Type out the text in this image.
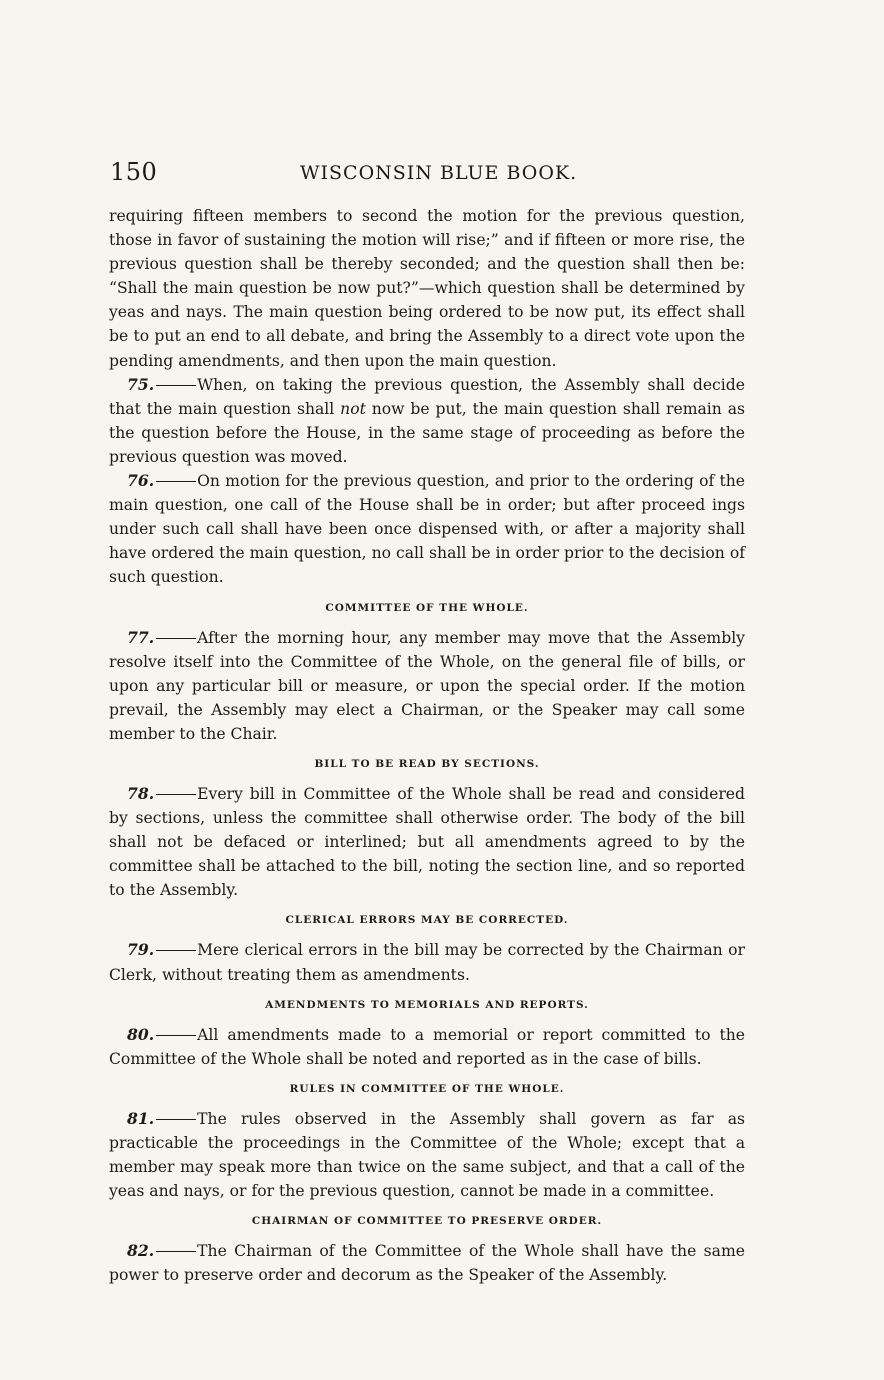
150	WISCONSIN BLUE BOOK.

requiring fifteen members to second the motion for the previous question, those in favor of sustaining the motion will rise;” and if fifteen or more rise, the previous question shall be thereby seconded; and the question shall then be: “Shall the main question be now put?”—which question shall be determined by yeas and nays. The main question being ordered to be now put, its effect shall be to put an end to all debate, and bring the Assembly to a direct vote upon the pending amendments, and then upon the main question.

75.	When, on taking the previous question, the Assembly shall decide that the main question shall not now be put, the main question shall remain as the question before the House, in the same stage of proceeding as before the previous question was moved.

76.	On motion for the previous question, and prior to the ordering of the main question, one call of the House shall be in order; but after proceed ings under such call shall have been once dispensed with, or after a majority shall have ordered the main question, no call shall be in order prior to the decision of such question.

COMMITTEE OF THE WHOLE.

77.	After the morning hour, any member may move that the Assembly resolve itself into the Committee of the Whole, on the general file of bills, or upon any particular bill or measure, or upon the special order. If the motion prevail, the Assembly may elect a Chairman, or the Speaker may call some member to the Chair.

BILL TO BE READ BY SECTIONS.

78.	Every bill in Committee of the Whole shall be read and considered by sections, unless the committee shall otherwise order. The body of the bill shall not be defaced or interlined; but all amendments agreed to by the committee shall be attached to the bill, noting the section line, and so reported to the Assembly.

CLERICAL ERRORS MAY BE CORRECTED.

79.	Mere clerical errors in the bill may be corrected by the Chairman or Clerk, without treating them as amendments.

AMENDMENTS TO MEMORIALS AND REPORTS.

80.	All amendments made to a memorial or report committed to the Committee of the Whole shall be noted and reported as in the case of bills.

RULES IN COMMITTEE OF THE WHOLE.

81.	The rules observed in the Assembly shall govern as far as practicable the proceedings in the Committee of the Whole; except that a member may speak more than twice on the same subject, and that a call of the yeas and nays, or for the previous question, cannot be made in a committee.

CHAIRMAN OF COMMITTEE TO PRESERVE ORDER.

82.	The Chairman of the Committee of the Whole shall have the same power to preserve order and decorum as the Speaker of the Assembly.
